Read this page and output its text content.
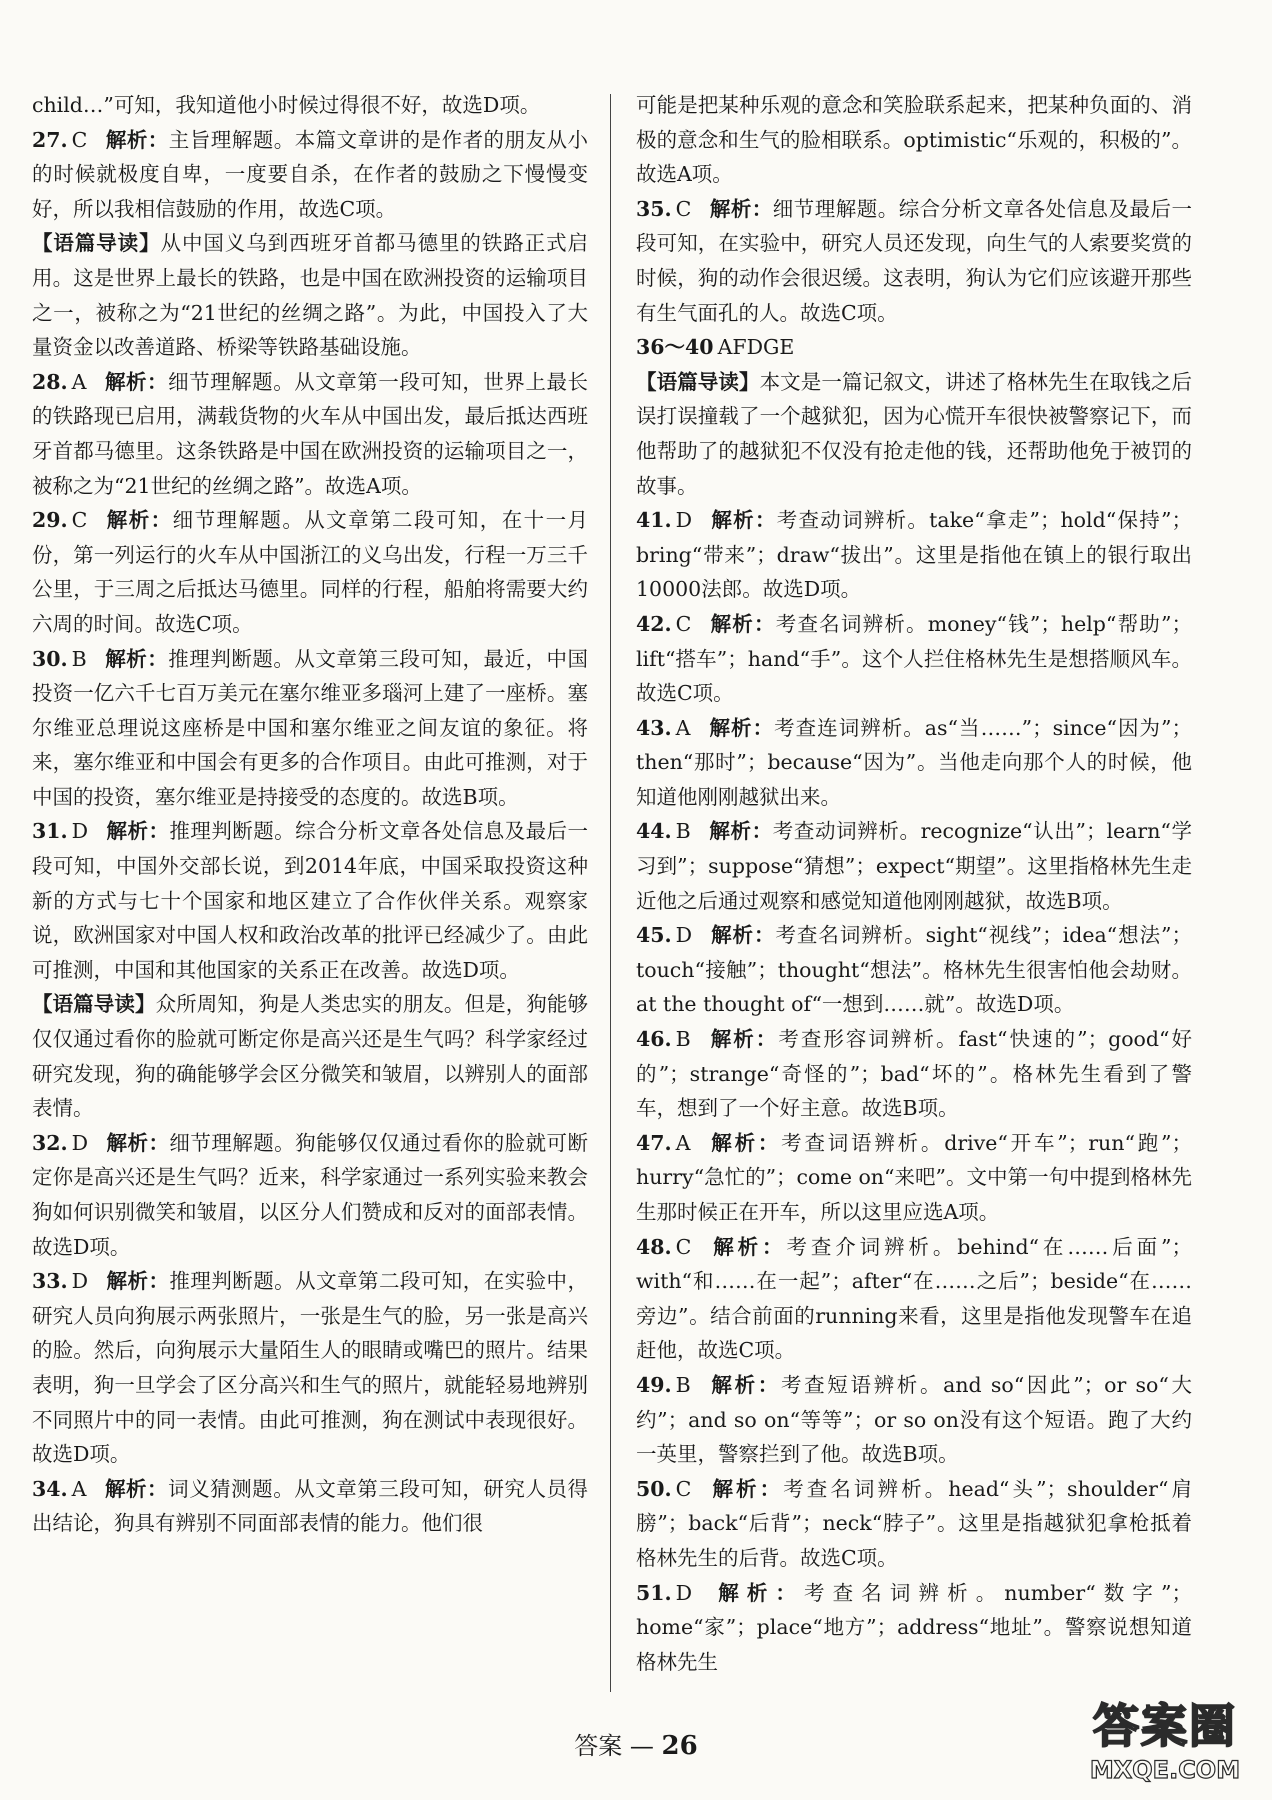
child…”可知，我知道他小时候过得很不好，故选D项。

27. C 解析：主旨理解题。本篇文章讲的是作者的朋友从小的时候就极度自卑，一度要自杀，在作者的鼓励之下慢慢变好，所以我相信鼓励的作用，故选C项。

【语篇导读】从中国义乌到西班牙首都马德里的铁路正式启用。这是世界上最长的铁路，也是中国在欧洲投资的运输项目之一，被称之为“21世纪的丝绸之路”。为此，中国投入了大量资金以改善道路、桥梁等铁路基础设施。

28. A 解析：细节理解题。从文章第一段可知，世界上最长的铁路现已启用，满载货物的火车从中国出发，最后抵达西班牙首都马德里。这条铁路是中国在欧洲投资的运输项目之一，被称之为“21世纪的丝绸之路”。故选A项。

29. C 解析：细节理解题。从文章第二段可知，在十一月份，第一列运行的火车从中国浙江的义乌出发，行程一万三千公里，于三周之后抵达马德里。同样的行程，船舶将需要大约六周的时间。故选C项。

30. B 解析：推理判断题。从文章第三段可知，最近，中国投资一亿六千七百万美元在塞尔维亚多瑙河上建了一座桥。塞尔维亚总理说这座桥是中国和塞尔维亚之间友谊的象征。将来，塞尔维亚和中国会有更多的合作项目。由此可推测，对于中国的投资，塞尔维亚是持接受的态度的。故选B项。

31. D 解析：推理判断题。综合分析文章各处信息及最后一段可知，中国外交部长说，到2014年底，中国采取投资这种新的方式与七十个国家和地区建立了合作伙伴关系。观察家说，欧洲国家对中国人权和政治改革的批评已经减少了。由此可推测，中国和其他国家的关系正在改善。故选D项。

【语篇导读】众所周知，狗是人类忠实的朋友。但是，狗能够仅仅通过看你的脸就可断定你是高兴还是生气吗？科学家经过研究发现，狗的确能够学会区分微笑和皱眉，以辨别人的面部表情。

32. D 解析：细节理解题。狗能够仅仅通过看你的脸就可断定你是高兴还是生气吗？近来，科学家通过一系列实验来教会狗如何识别微笑和皱眉，以区分人们赞成和反对的面部表情。故选D项。

33. D 解析：推理判断题。从文章第二段可知，在实验中，研究人员向狗展示两张照片，一张是生气的脸，另一张是高兴的脸。然后，向狗展示大量陌生人的眼睛或嘴巴的照片。结果表明，狗一旦学会了区分高兴和生气的照片，就能轻易地辨别不同照片中的同一表情。由此可推测，狗在测试中表现很好。故选D项。

34. A 解析：词义猜测题。从文章第三段可知，研究人员得出结论，狗具有辨别不同面部表情的能力。他们很

可能是把某种乐观的意念和笑脸联系起来，把某种负面的、消极的意念和生气的脸相联系。optimistic“乐观的，积极的”。故选A项。

35. C 解析：细节理解题。综合分析文章各处信息及最后一段可知，在实验中，研究人员还发现，向生气的人索要奖赏的时候，狗的动作会很迟缓。这表明，狗认为它们应该避开那些有生气面孔的人。故选C项。

36～40 AFDGE

【语篇导读】本文是一篇记叙文，讲述了格林先生在取钱之后误打误撞载了一个越狱犯，因为心慌开车很快被警察记下，而他帮助了的越狱犯不仅没有抢走他的钱，还帮助他免于被罚的故事。

41. D 解析：考查动词辨析。take“拿走”；hold“保持”；bring“带来”；draw“拔出”。这里是指他在镇上的银行取出10000法郎。故选D项。

42. C 解析：考查名词辨析。money“钱”；help“帮助”；lift“搭车”；hand“手”。这个人拦住格林先生是想搭顺风车。故选C项。

43. A 解析：考查连词辨析。as“当……”；since“因为”；then“那时”；because“因为”。当他走向那个人的时候，他知道他刚刚越狱出来。

44. B 解析：考查动词辨析。recognize“认出”；learn“学习到”；suppose“猜想”；expect“期望”。这里指格林先生走近他之后通过观察和感觉知道他刚刚越狱，故选B项。

45. D 解析：考查名词辨析。sight“视线”；idea“想法”；touch“接触”；thought“想法”。格林先生很害怕他会劫财。at the thought of“一想到……就”。故选D项。

46. B 解析：考查形容词辨析。fast“快速的”；good“好的”；strange“奇怪的”；bad“坏的”。格林先生看到了警车，想到了一个好主意。故选B项。

47. A 解析：考查词语辨析。drive“开车”；run“跑”；hurry“急忙的”；come on“来吧”。文中第一句中提到格林先生那时候正在开车，所以这里应选A项。

48. C 解析：考查介词辨析。behind“在……后面”；with“和……在一起”；after“在……之后”；beside“在……旁边”。结合前面的running来看，这里是指他发现警车在追赶他，故选C项。

49. B 解析：考查短语辨析。and so“因此”；or so“大约”；and so on“等等”；or so on没有这个短语。跑了大约一英里，警察拦到了他。故选B项。

50. C 解析：考查名词辨析。head“头”；shoulder“肩膀”；back“后背”；neck“脖子”。这里是指越狱犯拿枪抵着格林先生的后背。故选C项。

51. D 解析：考查名词辨析。number“数字”；home“家”；place“地方”；address“地址”。警察说想知道格林先生

答案 — 26	答案圈
MXQE.COM
